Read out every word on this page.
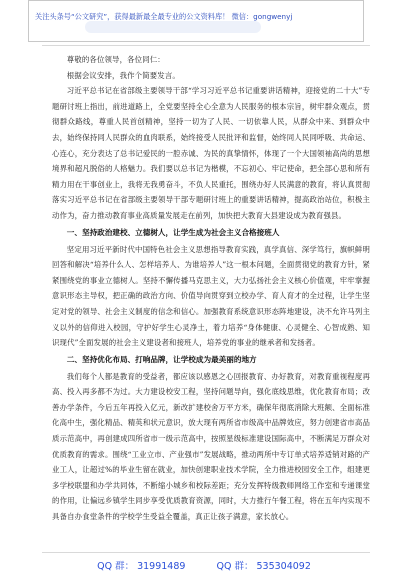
关注头条号“公文研究”，获得最新最全最专业的公文资料库！ 微信：gongwenyj

尊敬的各位领导，各位同仁：

根据会议安排，我作个简要发言。

习近平总书记在省部级主要领导干部“学习习近平总书记重要讲话精神，迎接党的二十大”专题研讨班上指出，前进道路上，全党要坚持全心全意为人民服务的根本宗旨，树牢群众观点，贯彻群众路线，尊重人民首创精神，坚持一切为了人民、一切依靠人民，从群众中来、到群众中去，始终保持同人民群众的血肉联系，始终接受人民批评和监督，始终同人民同呼吸、共命运、心连心，充分表达了总书记爱民的一腔赤诚、为民的真挚情怀，体现了一个大国领袖高尚的思想境界和超凡脱俗的人格魅力。我们要以总书记为楷模，不忘初心、牢记使命，把全部心思和所有精力用在干事创业上，我将无我勇奋斗，不负人民重托，围绕办好人民满意的教育，将认真贯彻落实习近平总书记在省部级主要领导干部专题研讨班上的重要讲话精神，提高政治站位，积极主动作为，奋力推动教育事业高质量发展走在前列，加快把大教育大县建设成为教育强县。

一、坚持政治建校、立德树人，让学生成为社会主义合格接班人

坚定用习近平新时代中国特色社会主义思想指导教育实践，真学真信、深学笃行，旗帜鲜明回答和解决“培养什么人、怎样培养人、为谁培养人”这一根本问题，全面贯彻党的教育方针，紧紧围绕党的事业立德树人。坚持不懈传播马克思主义，大力弘扬社会主义核心价值观，牢牢掌握意识形态主导权，把正确的政治方向、价值导向贯穿到立校办学、育人育才的全过程，让学生坚定对党的领导、社会主义制度的信念和信心。加强教育系统意识形态阵地建设，决不允许马列主义以外的信仰进入校园，守护好学生心灵净土，着力培养“身体健康、心灵健全、心智成熟、知识现代”全面发展的社会主义建设者和接班人，培养党的事业的继承者和发扬者。

二、坚持优化布局、打响品牌，让学校成为最美丽的地方

我们每个人都是教育的受益者，都应该以感恩之心回报教育、办好教育，对教育重视程度再高、投入再多都不为过。大力建设校安工程，坚持问题导向，强化底线思维，优化教育布局；改善办学条件，今后五年再投入亿元，新改扩建校舍万平方米，确保年彻底消除大班额、全面标准化高中生，强化精品、精英和状元意识，放大现有两所省市级高中品牌效应，努力创建省市高品质示范高中，再创建成四所省市一级示范高中，按照星级标准建设国际高中，不断满足万群众对优质教育的需求。围绕“工业立市、产业强市”发展战略，推动两所中专订单式培养适销对路的产业工人，让超过%的毕业生留在就业，加快创建职业技术学院，全力推进校园安全工作，组建更多学校联盟和办学共同体，不断缩小城乡和校际差距；充分发挥特级教师网络工作室和专递课堂的作用，让偏远乡镇学生同步享受优质教育资源，同时，大力推行午餐工程，将在五年内实现不具备自办食堂条件的学校学生受益全覆盖，真正让孩子满意，家长放心。

QQ 群： 31991489	QQ 群： 535304092
